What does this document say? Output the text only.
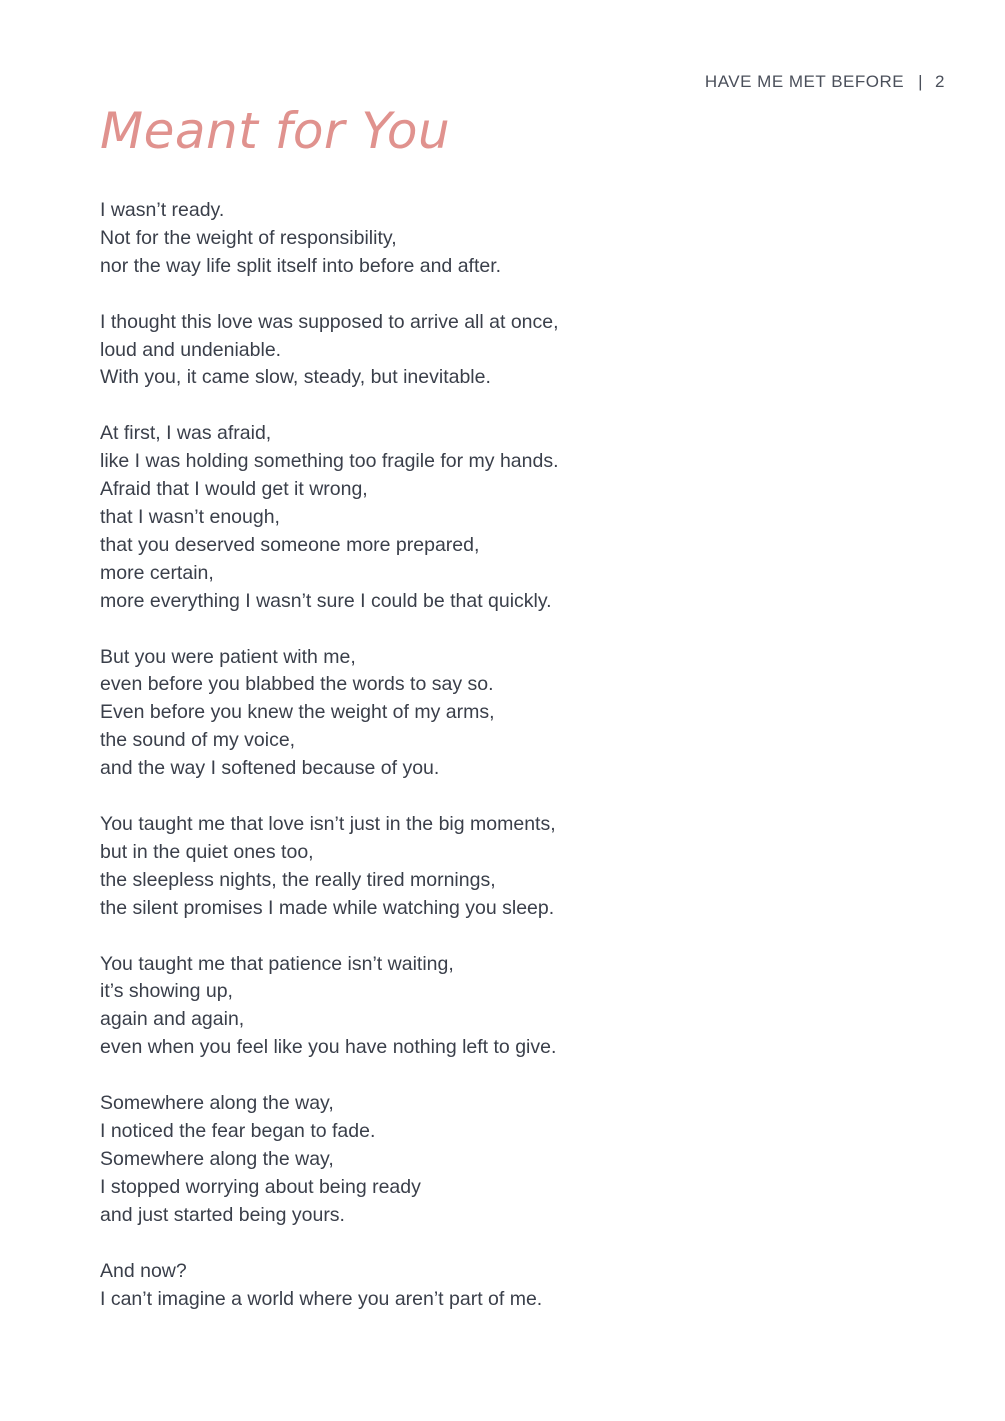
HAVE ME MET BEFORE | 2
Meant for You
I wasn’t ready.
Not for the weight of responsibility,
nor the way life split itself into before and after.
I thought this love was supposed to arrive all at once,
loud and undeniable.
With you, it came slow, steady, but inevitable.
At first, I was afraid,
like I was holding something too fragile for my hands.
Afraid that I would get it wrong,
that I wasn’t enough,
that you deserved someone more prepared,
more certain,
more everything I wasn’t sure I could be that quickly.
But you were patient with me,
even before you blabbed the words to say so.
Even before you knew the weight of my arms,
the sound of my voice,
and the way I softened because of you.
You taught me that love isn’t just in the big moments,
but in the quiet ones too,
the sleepless nights, the really tired mornings,
the silent promises I made while watching you sleep.
You taught me that patience isn’t waiting,
it’s showing up,
again and again,
even when you feel like you have nothing left to give.
Somewhere along the way,
I noticed the fear began to fade.
Somewhere along the way,
I stopped worrying about being ready
and just started being yours.
And now?
I can’t imagine a world where you aren’t part of me.
